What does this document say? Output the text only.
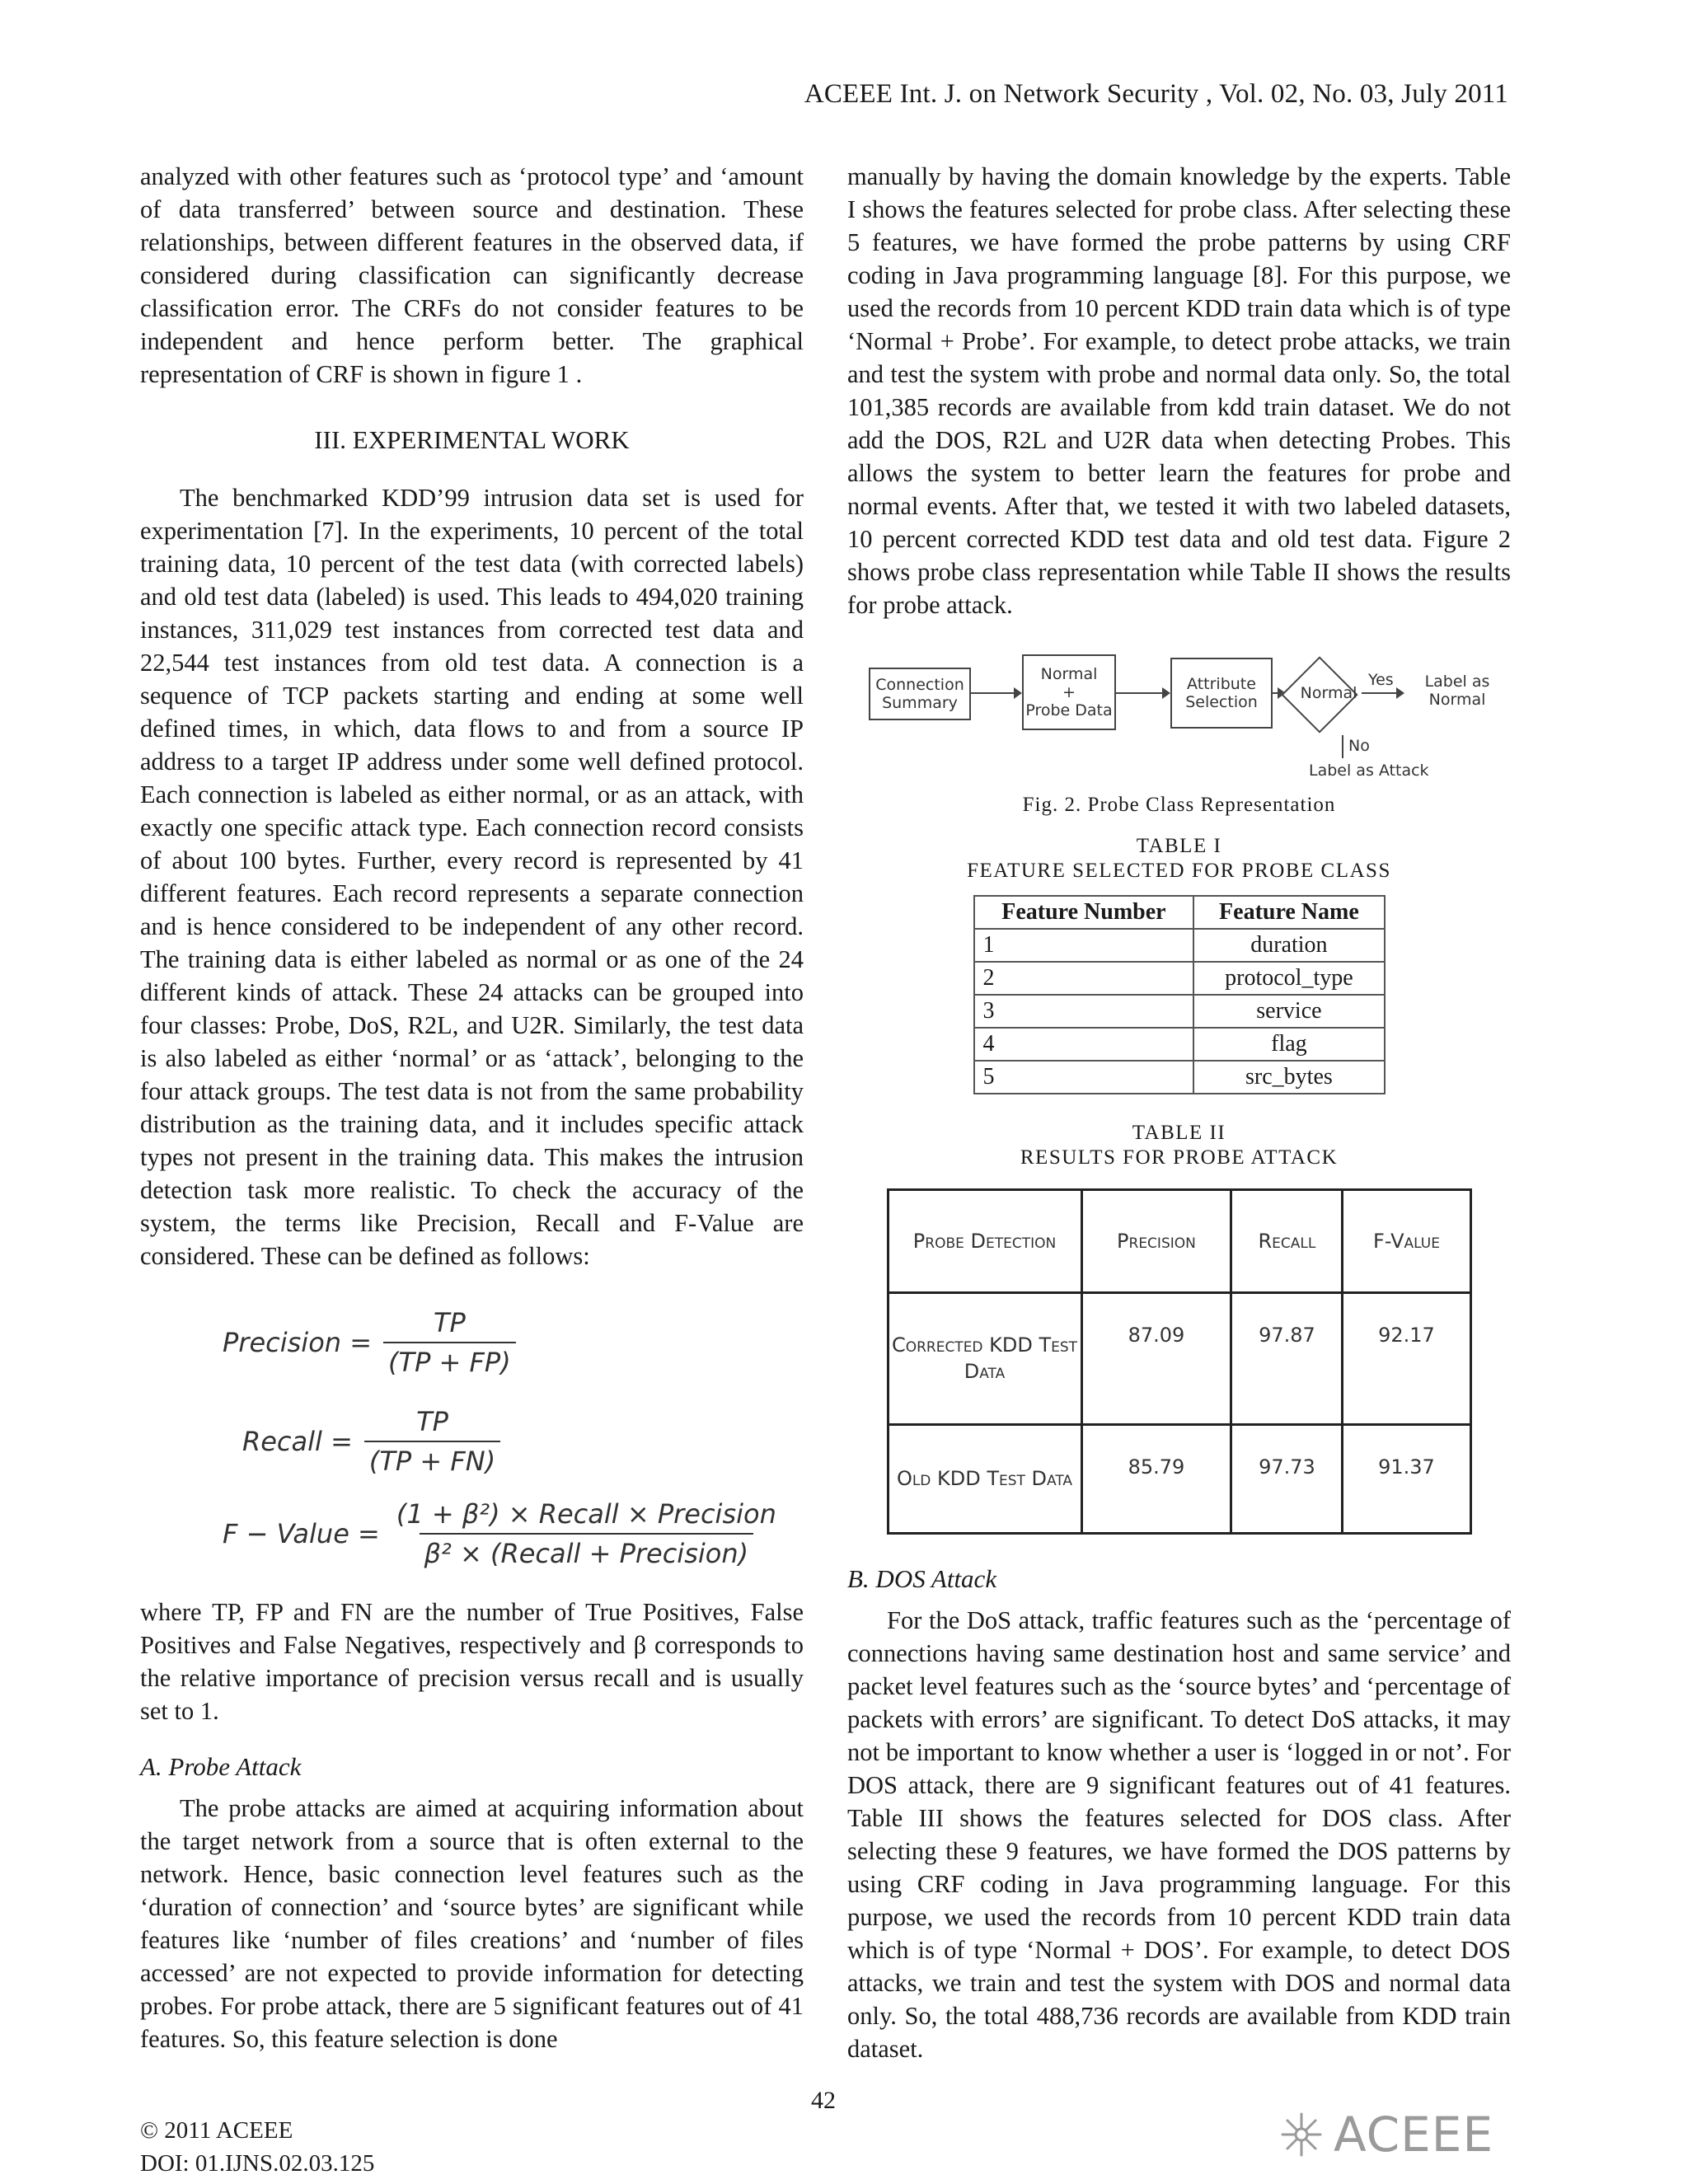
ACEEE Int. J. on Network Security , Vol. 02, No. 03, July 2011

analyzed with other features such as ‘protocol type’ and ‘amount of data transferred’ between source and destination. These relationships, between different features in the observed data, if considered during classification can significantly decrease classification error. The CRFs do not consider features to be independent and hence perform better. The graphical representation of CRF is shown in figure 1 .

III. EXPERIMENTAL WORK

The benchmarked KDD’99 intrusion data set is used for experimentation [7]. In the experiments, 10 percent of the total training data, 10 percent of the test data (with corrected labels) and old test data (labeled) is used. This leads to 494,020 training instances, 311,029 test instances from corrected test data and 22,544 test instances from old test data. A connection is a sequence of TCP packets starting and ending at some well defined times, in which, data flows to and from a source IP address to a target IP address under some well defined protocol. Each connection is labeled as either normal, or as an attack, with exactly one specific attack type. Each connection record consists of about 100 bytes. Further, every record is represented by 41 different features. Each record represents a separate connection and is hence considered to be independent of any other record. The training data is either labeled as normal or as one of the 24 different kinds of attack. These 24 attacks can be grouped into four classes: Probe, DoS, R2L, and U2R. Similarly, the test data is also labeled as either ‘normal’ or as ‘attack’, belonging to the four attack groups. The test data is not from the same probability distribution as the training data, and it includes specific attack types not present in the training data. This makes the intrusion detection task more realistic. To check the accuracy of the system, the terms like Precision, Recall and F-Value are considered. These can be defined as follows:

Precision = $\frac{TP}{(TP + FP)}$
Recall = $\frac{TP}{(TP + FN)}$
F − Value = $\frac{\text{(1 + β²) × Recall × Precision}}{\text{β² × (Recall + Precision)}}$

where TP, FP and FN are the number of True Positives, False Positives and False Negatives, respectively and β corresponds to the relative importance of precision versus recall and is usually set to 1.

A. Probe Attack

The probe attacks are aimed at acquiring information about the target network from a source that is often external to the network. Hence, basic connection level features such as the ‘duration of connection’ and ‘source bytes’ are significant while features like ‘number of files creations’ and ‘number of files accessed’ are not expected to provide information for detecting probes. For probe attack, there are 5 significant features out of 41 features. So, this feature selection is done

manually by having the domain knowledge by the experts. Table I shows the features selected for probe class. After selecting these 5 features, we have formed the probe patterns by using CRF coding in Java programming language [8]. For this purpose, we used the records from 10 percent KDD train data which is of type ‘Normal + Probe’. For example, to detect probe attacks, we train and test the system with probe and normal data only. So, the total 101,385 records are available from kdd train dataset. We do not add the DOS, R2L and U2R data when detecting Probes. This allows the system to better learn the features for probe and normal events. After that, we tested it with two labeled datasets, 10 percent corrected KDD test data and old test data. Figure 2 shows probe class representation while Table II shows the results for probe attack.

Connection Summary
Normal
+
Probe Data
Attribute Selection	Normal
Yes	Label as Normal
No
Label as Attack

Fig. 2. Probe Class Representation

TABLE I

FEATURE SELECTED FOR PROBE CLASS

Feature Number	Feature Name
1	duration
2	protocol_type
3	service
4	flag
5	src_bytes

TABLE II

RESULTS FOR PROBE ATTACK

Probe Detection	Precision	Recall	F-Value
Corrected KDD Test Data	87.09	97.87	92.17
Old KDD Test Data	85.79	97.73	91.37
B. DOS Attack

For the DoS attack, traffic features such as the ‘percentage of connections having same destination host and same service’ and packet level features such as the ‘source bytes’ and ‘percentage of packets with errors’ are significant. To detect DoS attacks, it may not be important to know whether a user is ‘logged in or not’. For DOS attack, there are 9 significant features out of 41 features. Table III shows the features selected for DOS class. After selecting these 9 features, we have formed the DOS patterns by using CRF coding in Java programming language. For this purpose, we used the records from 10 percent KDD train data which is of type ‘Normal + DOS’. For example, to detect DOS attacks, we train and test the system with DOS and normal data only. So, the total 488,736 records are available from KDD train dataset.

42
© 2011 ACEEE
DOI: 01.IJNS.02.03.125
ACEEE
